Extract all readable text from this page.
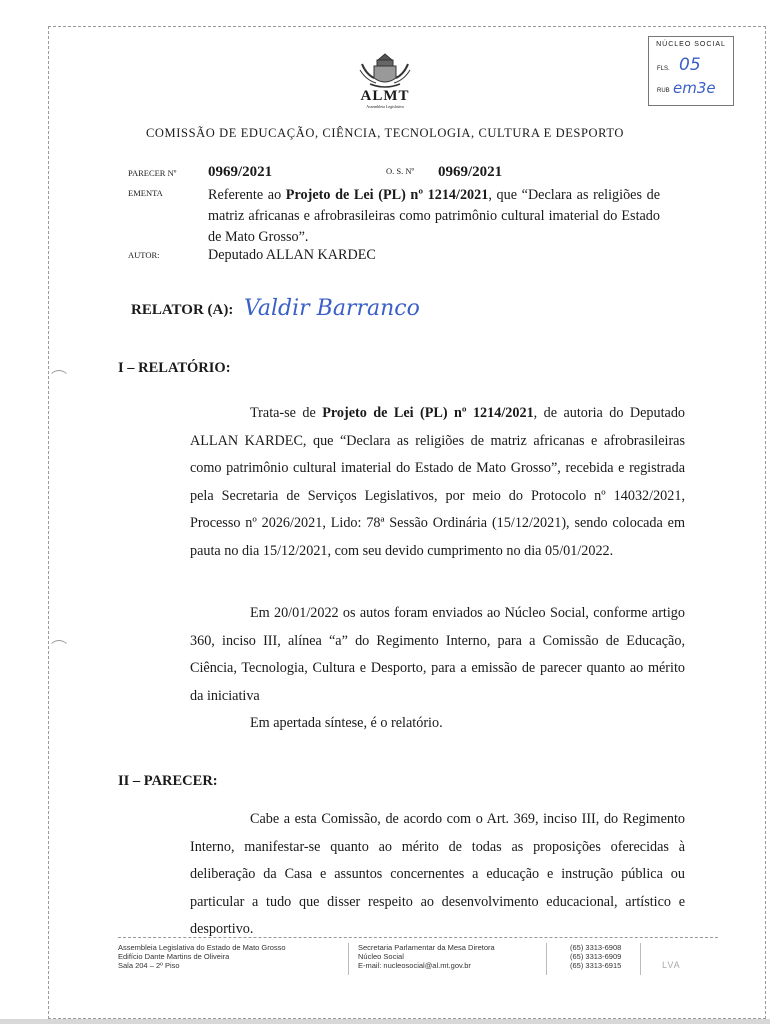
ALMT
Assembleia Legislativa
NÚCLEO SOCIAL
FLS. 05
RUB em3e
COMISSÃO DE EDUCAÇÃO, CIÊNCIA, TECNOLOGIA, CULTURA E DESPORTO
PARECER Nº 0969/2021	O. S. Nº 0969/2021
EMENTA	Referente ao Projeto de Lei (PL) nº 1214/2021, que “Declara as religiões de matriz africanas e afrobrasileiras como patrimônio cultural imaterial do Estado de Mato Grosso”.
AUTOR:	Deputado ALLAN KARDEC
RELATOR (A): Valdir Barranco
I – RELATÓRIO:
Trata-se de Projeto de Lei (PL) nº 1214/2021, de autoria do Deputado ALLAN KARDEC, que “Declara as religiões de matriz africanas e afrobrasileiras como patrimônio cultural imaterial do Estado de Mato Grosso”, recebida e registrada pela Secretaria de Serviços Legislativos, por meio do Protocolo nº 14032/2021, Processo nº 2026/2021, Lido: 78ª Sessão Ordinária (15/12/2021), sendo colocada em pauta no dia 15/12/2021, com seu devido cumprimento no dia 05/01/2022.
Em 20/01/2022 os autos foram enviados ao Núcleo Social, conforme artigo 360, inciso III, alínea “a” do Regimento Interno, para a Comissão de Educação, Ciência, Tecnologia, Cultura e Desporto, para a emissão de parecer quanto ao mérito da iniciativa
Em apertada síntese, é o relatório.
II – PARECER:
Cabe a esta Comissão, de acordo com o Art. 369, inciso III, do Regimento Interno, manifestar-se quanto ao mérito de todas as proposições oferecidas à deliberação da Casa e assuntos concernentes a educação e instrução pública ou particular a tudo que disser respeito ao desenvolvimento educacional, artístico e desportivo.
Assembleia Legislativa do Estado de Mato Grosso
Edifício Dante Martins de Oliveira
Sala 204 – 2º Piso
Secretaria Parlamentar da Mesa Diretora
Núcleo Social
E-mail: nucleosocial@al.mt.gov.br
(65) 3313-6908
(65) 3313-6909
(65) 3313-6915	LVA
